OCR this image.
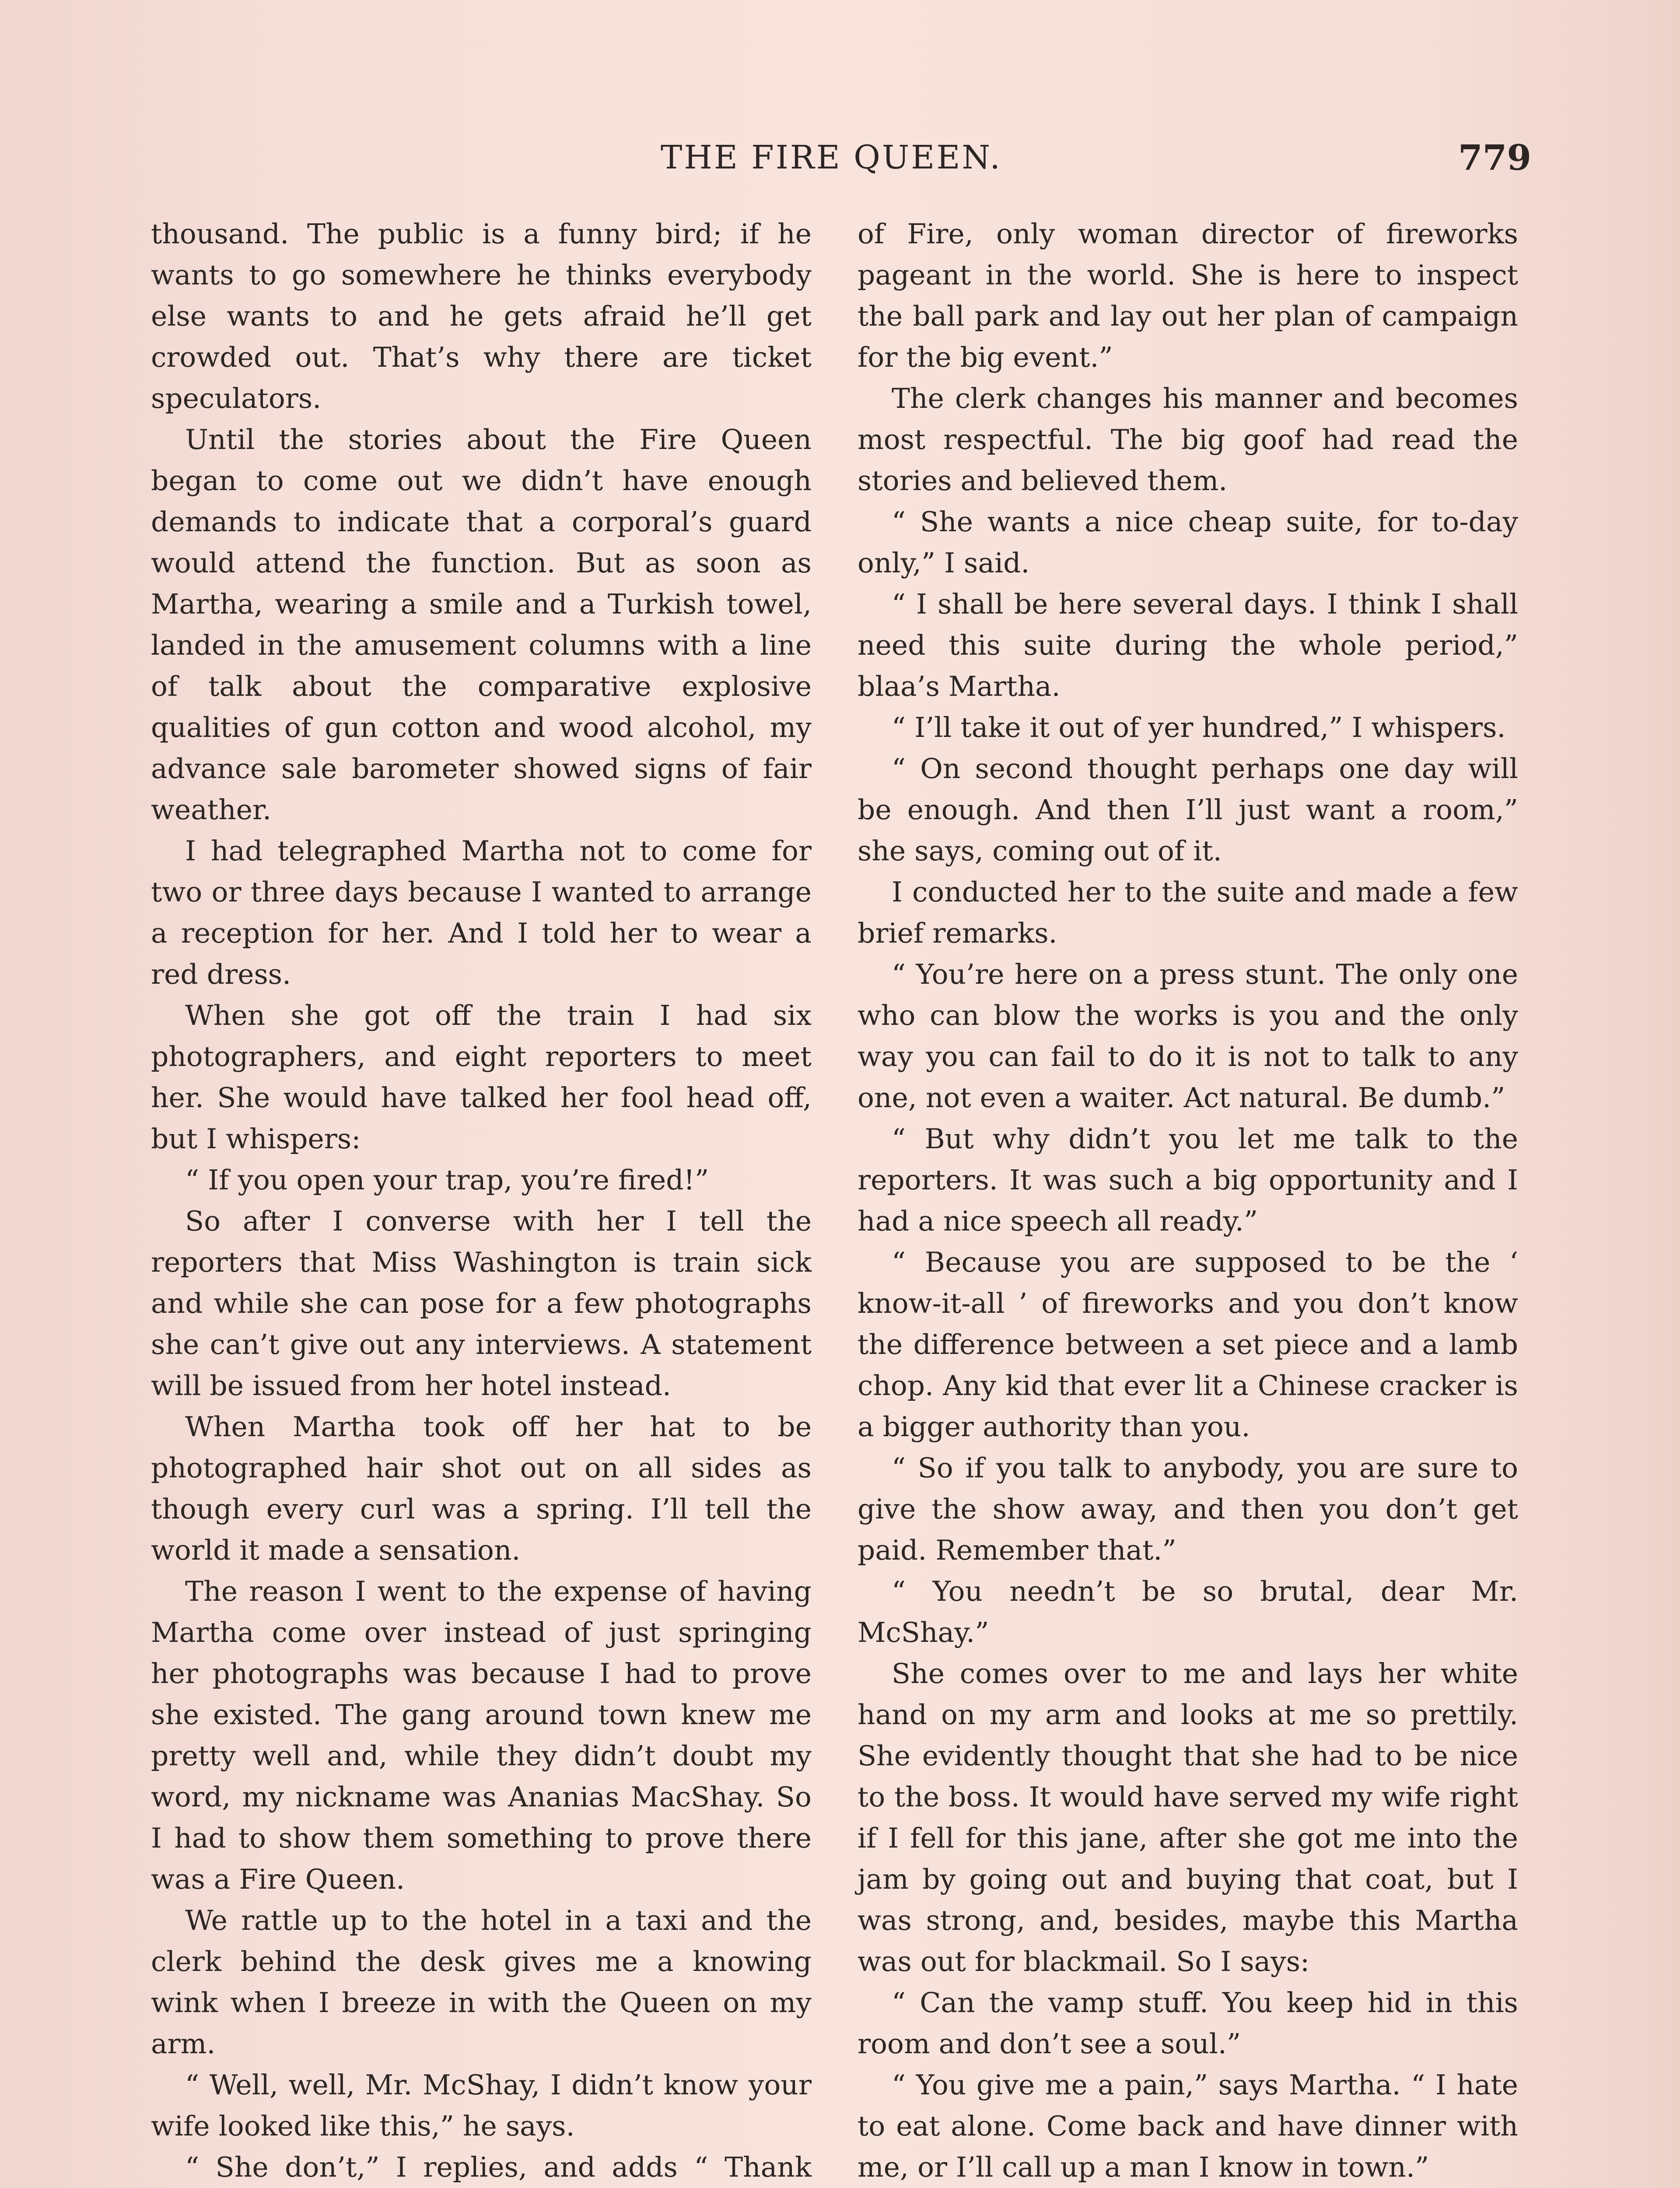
THE FIRE QUEEN.	779

thousand. The public is a funny bird; if he wants to go somewhere he thinks everybody else wants to and he gets afraid he’ll get crowded out. That’s why there are ticket speculators.

Until the stories about the Fire Queen began to come out we didn’t have enough demands to indicate that a corporal’s guard would attend the function. But as soon as Martha, wearing a smile and a Turkish towel, landed in the amusement columns with a line of talk about the comparative explosive qualities of gun cotton and wood alcohol, my advance sale barometer showed signs of fair weather.

I had telegraphed Martha not to come for two or three days because I wanted to arrange a reception for her. And I told her to wear a red dress.

When she got off the train I had six photographers, and eight reporters to meet her. She would have talked her fool head off, but I whispers:

“ If you open your trap, you’re fired!”

So after I converse with her I tell the reporters that Miss Washington is train sick and while she can pose for a few photographs she can’t give out any interviews. A statement will be issued from her hotel instead.

When Martha took off her hat to be photographed hair shot out on all sides as though every curl was a spring. I’ll tell the world it made a sensation.

The reason I went to the expense of having Martha come over instead of just springing her photographs was because I had to prove she existed. The gang around town knew me pretty well and, while they didn’t doubt my word, my nickname was Ananias MacShay. So I had to show them something to prove there was a Fire Queen.

We rattle up to the hotel in a taxi and the clerk behind the desk gives me a knowing wink when I breeze in with the Queen on my arm.

“ Well, well, Mr. McShay, I didn’t know your wife looked like this,” he says.

“ She don’t,” I replies, and adds “ Thank

of Fire, only woman director of fireworks pageant in the world. She is here to inspect the ball park and lay out her plan of campaign for the big event.”

The clerk changes his manner and becomes most respectful. The big goof had read the stories and believed them.

“ She wants a nice cheap suite, for to-day only,” I said.

“ I shall be here several days. I think I shall need this suite during the whole period,” blaa’s Martha.

“ I’ll take it out of yer hundred,” I whispers.

“ On second thought perhaps one day will be enough. And then I’ll just want a room,” she says, coming out of it.

I conducted her to the suite and made a few brief remarks.

“ You’re here on a press stunt. The only one who can blow the works is you and the only way you can fail to do it is not to talk to any one, not even a waiter. Act natural. Be dumb.”

“ But why didn’t you let me talk to the reporters. It was such a big opportunity and I had a nice speech all ready.”

“ Because you are supposed to be the ‘ know-it-all ’ of fireworks and you don’t know the difference between a set piece and a lamb chop. Any kid that ever lit a Chinese cracker is a bigger authority than you.

“ So if you talk to anybody, you are sure to give the show away, and then you don’t get paid. Remember that.”

“ You needn’t be so brutal, dear Mr. McShay.”

She comes over to me and lays her white hand on my arm and looks at me so prettily. She evidently thought that she had to be nice to the boss. It would have served my wife right if I fell for this jane, after she got me into the jam by going out and buying that coat, but I was strong, and, besides, maybe this Martha was out for blackmail. So I says:

“ Can the vamp stuff. You keep hid in this room and don’t see a soul.”

“ You give me a pain,” says Martha. “ I hate to eat alone. Come back and have dinner with me, or I’ll call up a man I know in town.”
